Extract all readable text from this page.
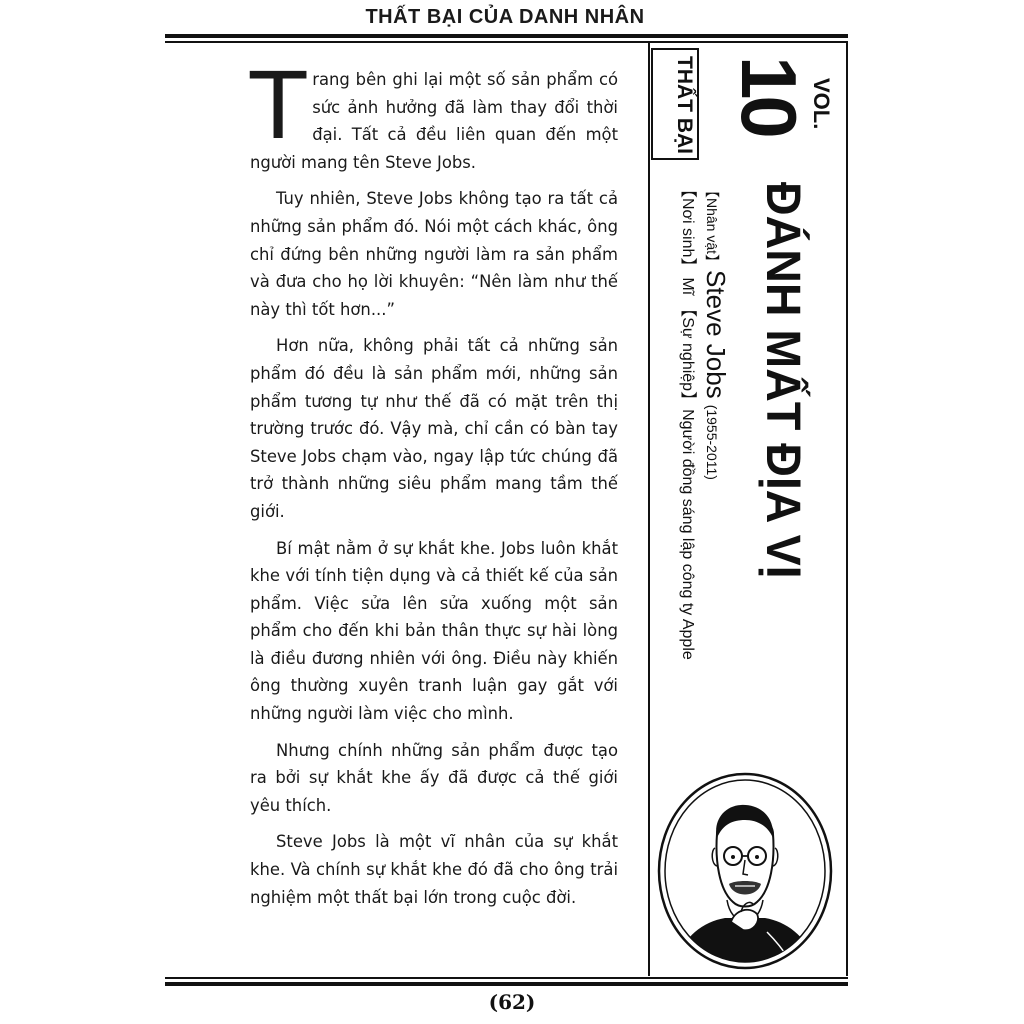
THẤT BẠI CỦA DANH NHÂN

Trang bên ghi lại một số sản phẩm có sức ảnh hưởng đã làm thay đổi thời đại. Tất cả đều liên quan đến một người mang tên Steve Jobs.

Tuy nhiên, Steve Jobs không tạo ra tất cả những sản phẩm đó. Nói một cách khác, ông chỉ đứng bên những người làm ra sản phẩm và đưa cho họ lời khuyên: “Nên làm như thế này thì tốt hơn...”

Hơn nữa, không phải tất cả những sản phẩm đó đều là sản phẩm mới, những sản phẩm tương tự như thế đã có mặt trên thị trường trước đó. Vậy mà, chỉ cần có bàn tay Steve Jobs chạm vào, ngay lập tức chúng đã trở thành những siêu phẩm mang tầm thế giới.

Bí mật nằm ở sự khắt khe. Jobs luôn khắt khe với tính tiện dụng và cả thiết kế của sản phẩm. Việc sửa lên sửa xuống một sản phẩm cho đến khi bản thân thực sự hài lòng là điều đương nhiên với ông. Điều này khiến ông thường xuyên tranh luận gay gắt với những người làm việc cho mình.

Nhưng chính những sản phẩm được tạo ra bởi sự khắt khe ấy đã được cả thế giới yêu thích.

Steve Jobs là một vĩ nhân của sự khắt khe. Và chính sự khắt khe đó đã cho ông trải nghiệm một thất bại lớn trong cuộc đời.

THẤT BẠI	VOL.
10
ĐÁNH MẤT ĐỊA VỊ
【Nhân vật】Steve Jobs(1955-2011)
【Nơi sinh】Mĩ【Sự nghiệp】Người đồng sáng lập công ty Apple
(62)
